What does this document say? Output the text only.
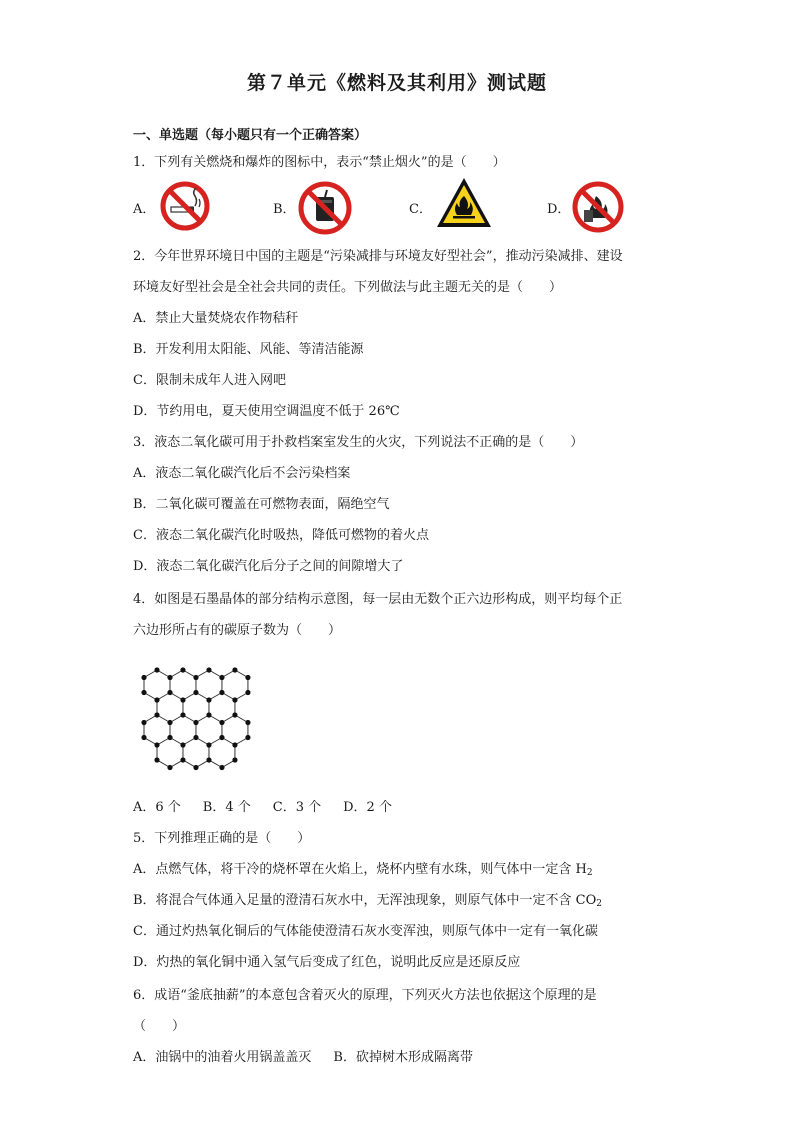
第７单元《燃料及其利用》测试题
一、单选题（每小题只有一个正确答案）
1．下列有关燃烧和爆炸的图标中，表示“禁止烟火”的是（　　）
A．	B．	C．	D．
2．今年世界环境日中国的主题是“污染减排与环境友好型社会”，推动污染减排、建设
环境友好型社会是全社会共同的责任。下列做法与此主题无关的是（　　）
A．禁止大量焚烧农作物秸秆
B．开发利用太阳能、风能、等清洁能源
C．限制未成年人进入网吧
D．节约用电，夏天使用空调温度不低于 26℃
3．液态二氧化碳可用于扑救档案室发生的火灾，下列说法不正确的是（　　）
A．液态二氧化碳汽化后不会污染档案
B．二氧化碳可覆盖在可燃物表面，隔绝空气
C．液态二氧化碳汽化时吸热，降低可燃物的着火点
D．液态二氧化碳汽化后分子之间的间隙增大了
4．如图是石墨晶体的部分结构示意图，每一层由无数个正六边形构成，则平均每个正
六边形所占有的碳原子数为（　　）
A．6 个 B．4 个 C．3 个 D．2 个
5．下列推理正确的是（　　）
A．点燃气体，将干冷的烧杯罩在火焰上，烧杯内壁有水珠，则气体中一定含 $H_2$
B．将混合气体通入足量的澄清石灰水中，无浑浊现象，则原气体中一定不含 $CO_2$
C．通过灼热氧化铜后的气体能使澄清石灰水变浑浊，则原气体中一定有一氧化碳
D．灼热的氧化铜中通入氢气后变成了红色，说明此反应是还原反应
6．成语“釜底抽薪”的本意包含着灭火的原理，下列灭火方法也依据这个原理的是
（　　）
A．油锅中的油着火用锅盖盖灭 B．砍掉树木形成隔离带
